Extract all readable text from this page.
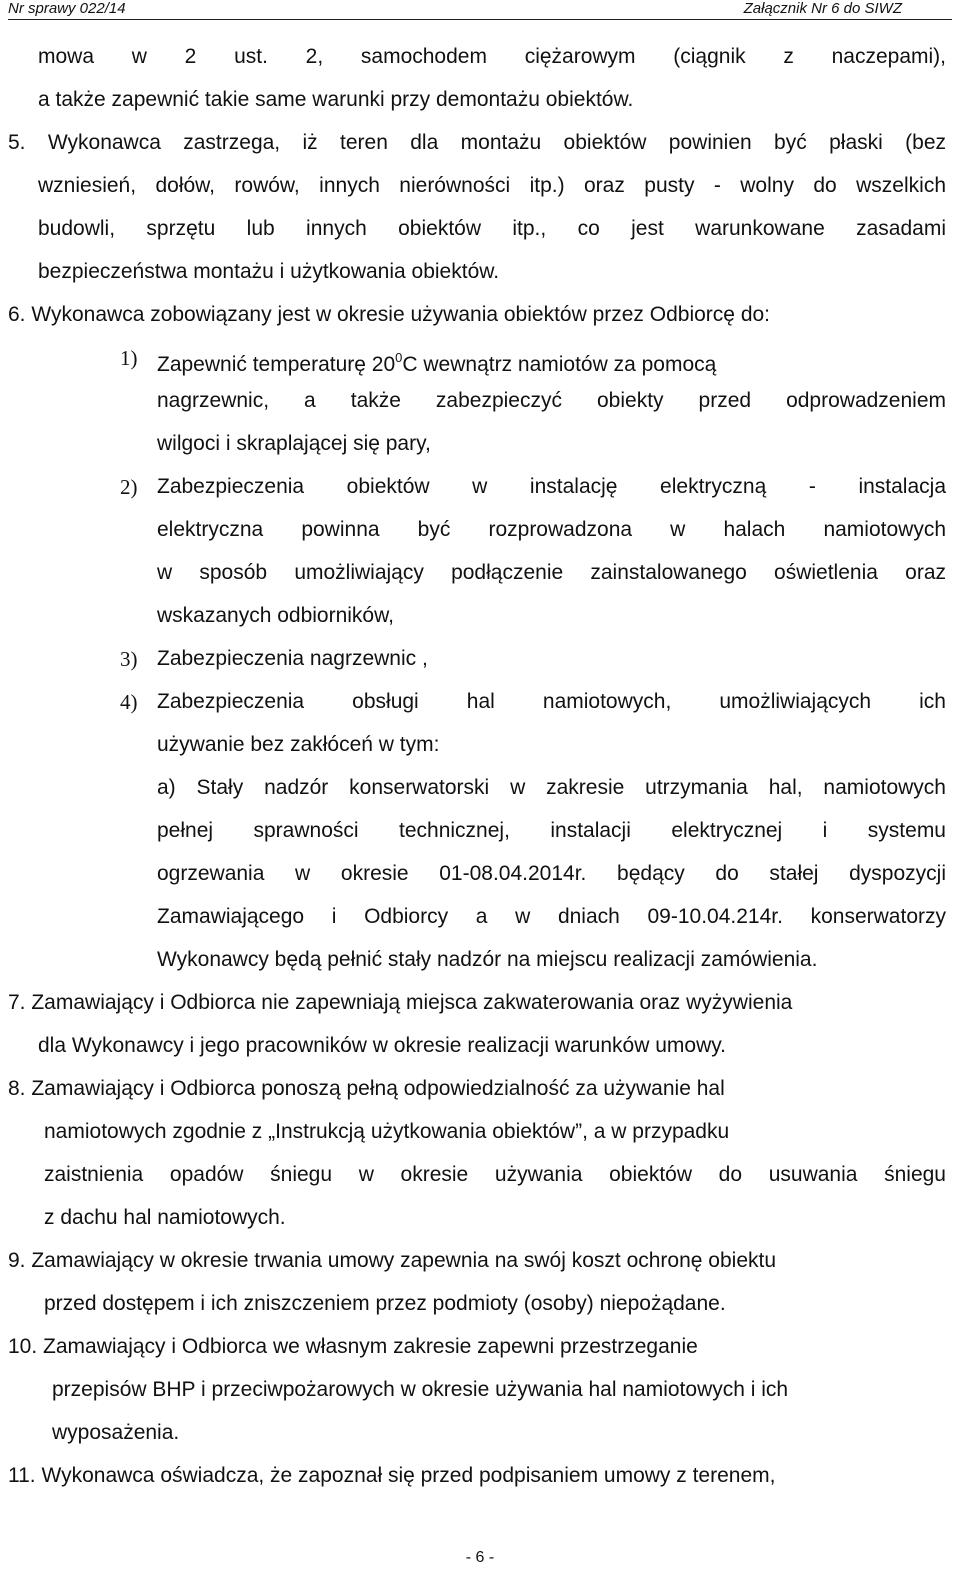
Nr sprawy 022/14	Załącznik Nr 6 do SIWZ
mowa w 2 ust. 2, samochodem ciężarowym (ciągnik z naczepami),
a także zapewnić takie same warunki przy demontażu obiektów.
5. Wykonawca zastrzega, iż teren dla montażu obiektów powinien być płaski (bez
wzniesień, dołów, rowów, innych nierówności itp.) oraz pusty - wolny do wszelkich
budowli, sprzętu lub innych obiektów itp., co jest warunkowane zasadami
bezpieczeństwa montażu i użytkowania obiektów.
6. Wykonawca zobowiązany jest w okresie używania obiektów przez Odbiorcę do:
1) Zapewnić temperaturę $20^0C$ wewnątrz namiotów za pomocą
nagrzewnic, a także zabezpieczyć obiekty przed odprowadzeniem
wilgoci i skraplającej się pary,
2) Zabezpieczenia obiektów w instalację elektryczną - instalacja
elektryczna powinna być rozprowadzona w halach namiotowych
w sposób umożliwiający podłączenie zainstalowanego oświetlenia oraz
wskazanych odbiorników,
3) Zabezpieczenia nagrzewnic ,
4) Zabezpieczenia obsługi hal namiotowych, umożliwiających ich
używanie bez zakłóceń w tym:
a) Stały nadzór konserwatorski w zakresie utrzymania hal, namiotowych
pełnej sprawności technicznej, instalacji elektrycznej i systemu
ogrzewania w okresie 01-08.04.2014r. będący do stałej dyspozycji
Zamawiającego i Odbiorcy a w dniach 09-10.04.214r. konserwatorzy
Wykonawcy będą pełnić stały nadzór na miejscu realizacji zamówienia.
7. Zamawiający i Odbiorca nie zapewniają miejsca zakwaterowania oraz wyżywienia
dla Wykonawcy i jego pracowników w okresie realizacji warunków umowy.
8. Zamawiający i Odbiorca ponoszą pełną odpowiedzialność za używanie hal
namiotowych zgodnie z „Instrukcją użytkowania obiektów”, a w przypadku
zaistnienia opadów śniegu w okresie używania obiektów do usuwania śniegu
z dachu hal namiotowych.
9. Zamawiający w okresie trwania umowy zapewnia na swój koszt ochronę obiektu
przed dostępem i ich zniszczeniem przez podmioty (osoby) niepożądane.
10. Zamawiający i Odbiorca we własnym zakresie zapewni przestrzeganie
przepisów BHP i przeciwpożarowych w okresie używania hal namiotowych i ich
wyposażenia.
11. Wykonawca oświadcza, że zapoznał się przed podpisaniem umowy z terenem,
- 6 -
